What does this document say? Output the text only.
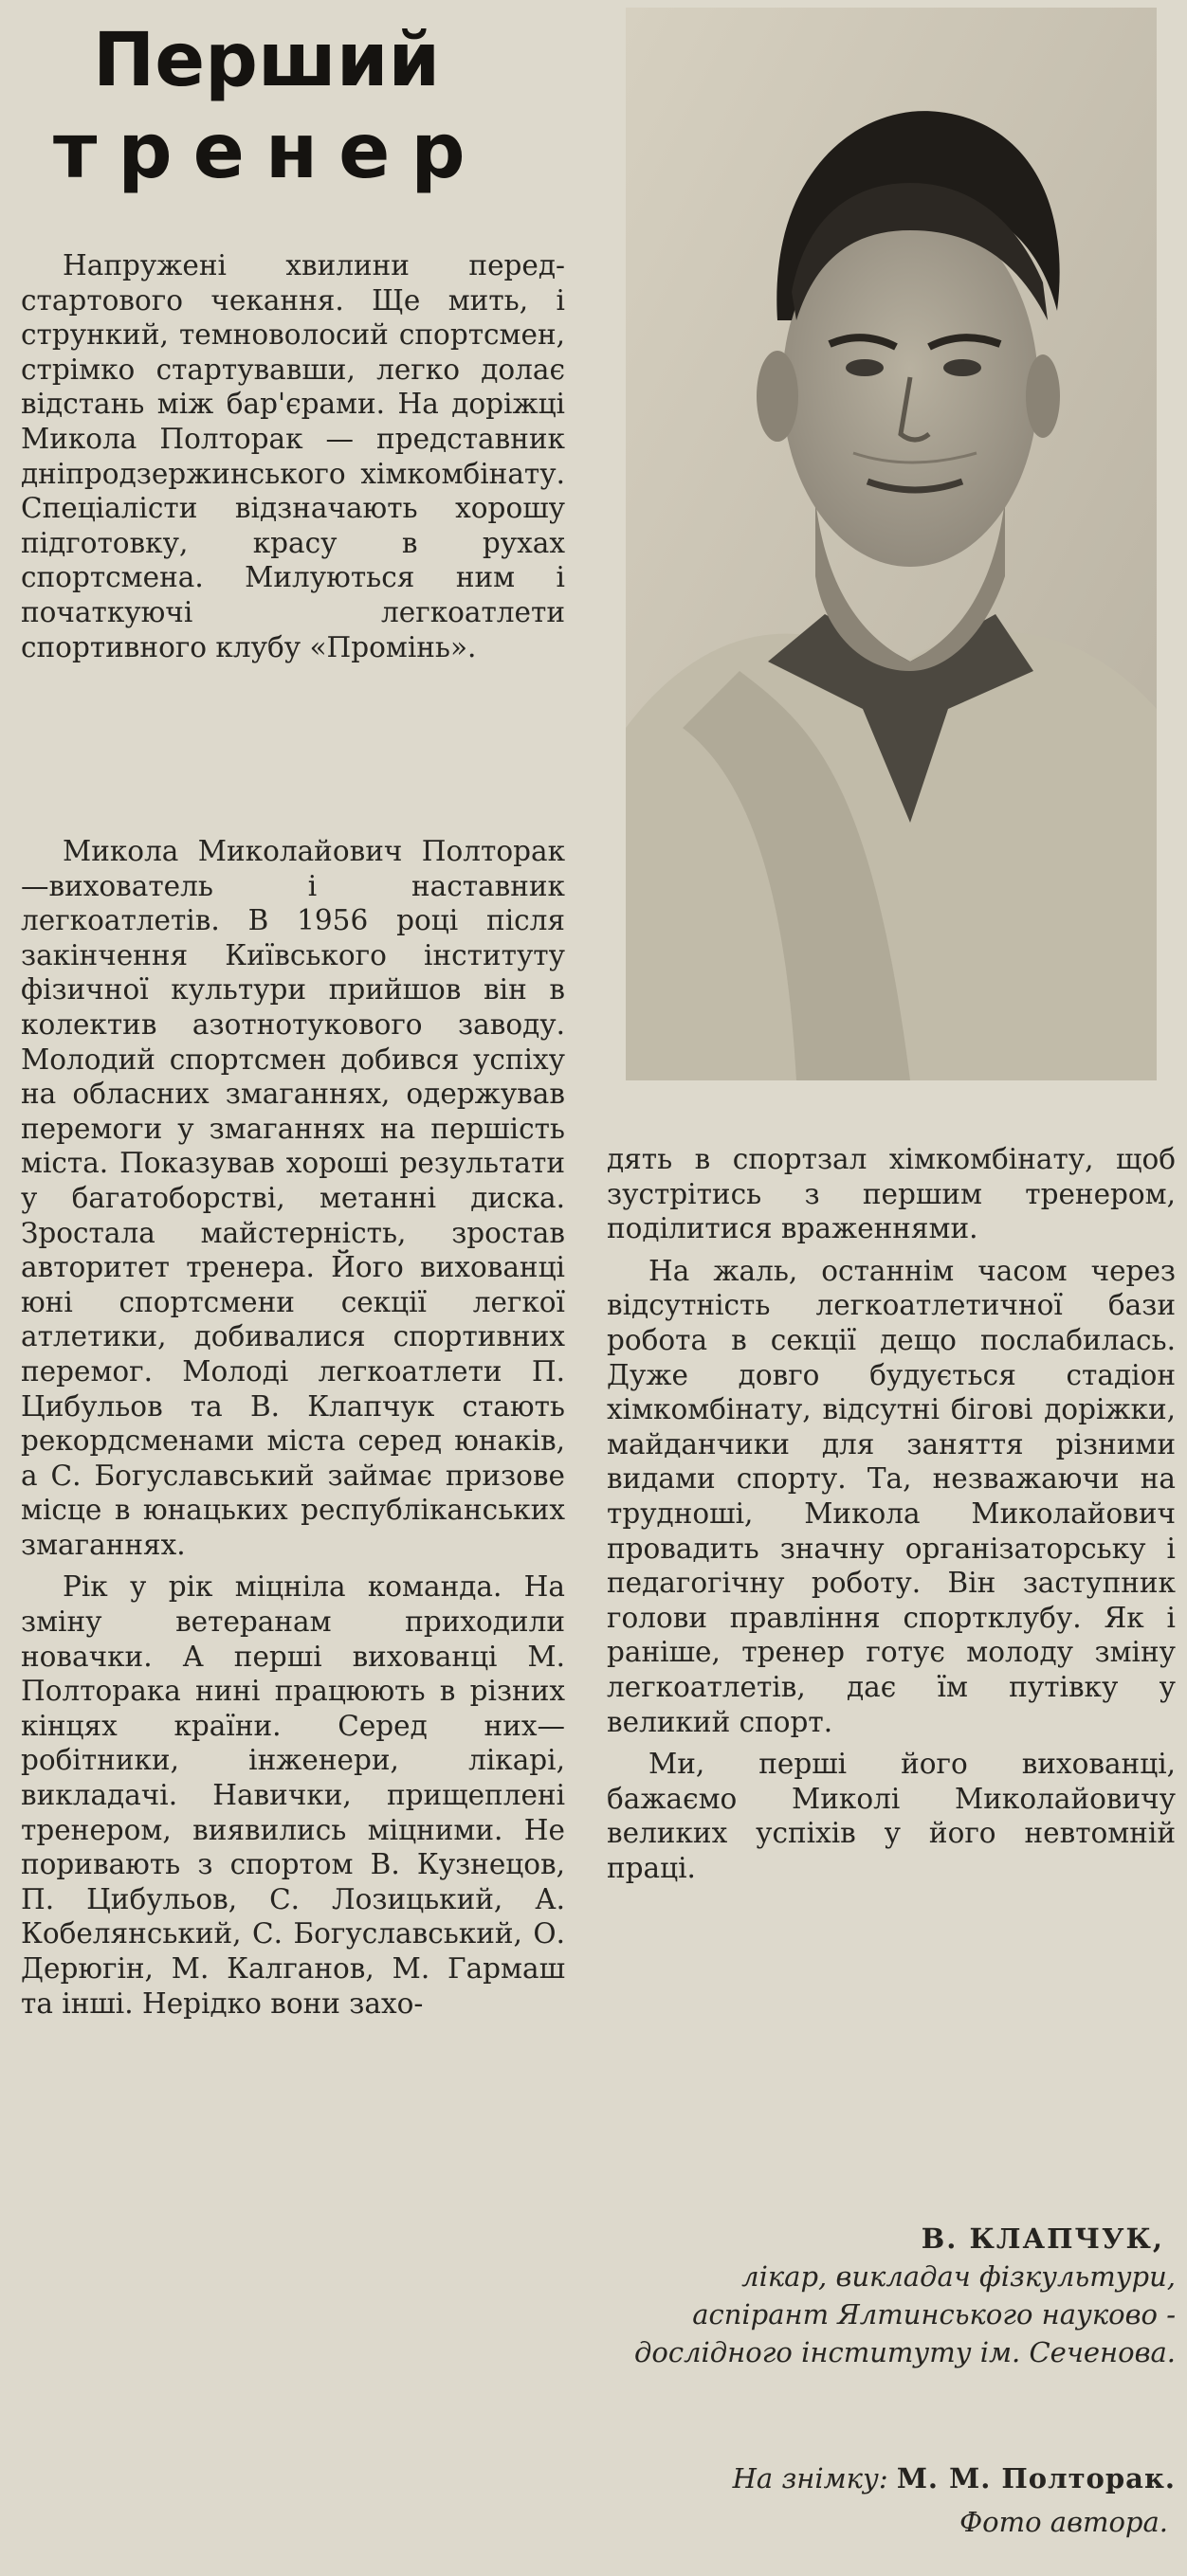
Перший
тренер

Напружені хвилини перед-стартового чекання. Ще мить, і стрункий, темноволосий спортсмен, стрімко стартувавши, легко долає відстань між бар'єрами. На доріжці Микола Полторак — представник дніпродзержинського хімкомбінату. Спеціалісти відзначають хорошу підготовку, красу в рухах спортсмена. Милуються ним і початкуючі легкоатлети спортивного клубу «Промінь».

Микола Миколайович Полторак—вихователь і наставник легкоатлетів. В 1956 році після закінчення Київського інституту фізичної культури прийшов він в колектив азотнотукового заводу. Молодий спортсмен добився успіху на обласних змаганнях, одержував перемоги у змаганнях на першість міста. Показував хороші результати у багатоборстві, метанні диска. Зростала майстерність, зростав авторитет тренера. Його вихованці юні спортсмени секції легкої атлетики, добивалися спортивних перемог. Молоді легкоатлети П. Цибульов та В. Клапчук стають рекордсменами міста серед юнаків, а С. Богуславський займає призове місце в юнацьких республіканських змаганнях.

Рік у рік міцніла команда. На зміну ветеранам приходили новачки. А перші вихованці М. Полторака нині працюють в різних кінцях країни. Серед них—робітники, інженери, лікарі, викладачі. Навички, прищеплені тренером, виявились міцними. Не поривають з спортом В. Кузнецов, П. Цибульов, С. Лозицький, А. Кобелянський, С. Богуславський, О. Дерюгін, М. Калганов, М. Гармаш та інші. Нерідко вони захо-

дять в спортзал хімкомбінату, щоб зустрітись з першим тренером, поділитися враженнями.

На жаль, останнім часом через відсутність легкоатлетичної бази робота в секції дещо послабилась. Дуже довго будується стадіон хімкомбінату, відсутні бігові доріжки, майданчики для заняття різними видами спорту. Та, незважаючи на трудноші, Микола Миколайович провадить значну організаторську і педагогічну роботу. Він заступник голови правління спортклубу. Як і раніше, тренер готує молоду зміну легкоатлетів, дає їм путівку у великий спорт.

Ми, перші його вихованці, бажаємо Миколі Миколайовичу великих успіхів у його невтомній праці.

В. КЛАПЧУК,
лікар, викладач фізкультури, аспірант Ялтинського науково - дослідного інституту ім. Сеченова.
На знімку: М. М. Полторак.
Фото автора.
